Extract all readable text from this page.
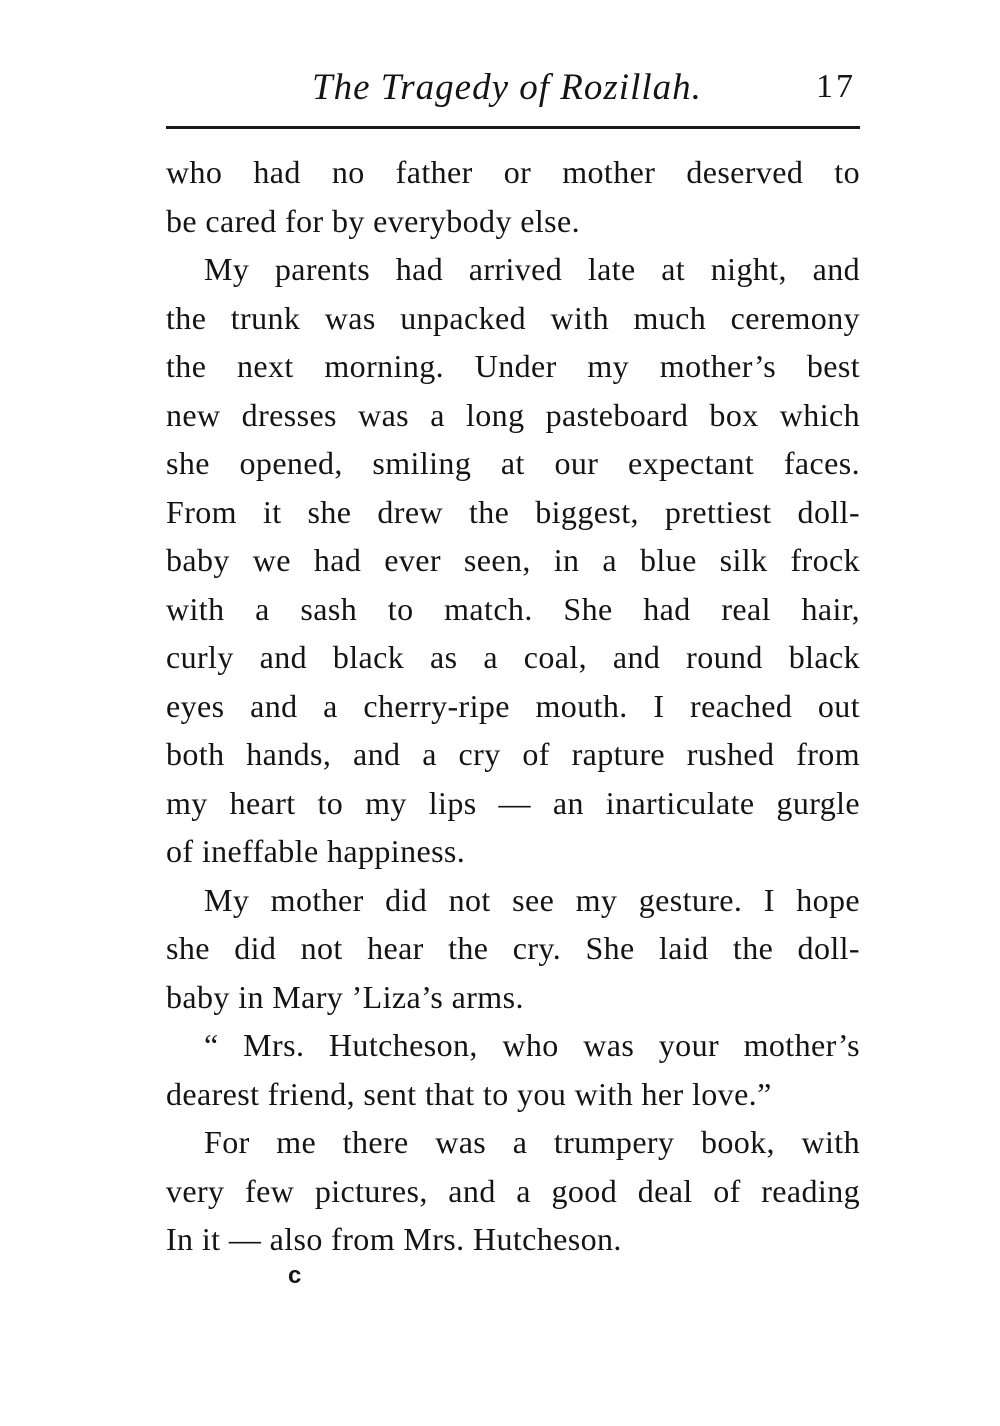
The Tragedy of Rozillah.	17
who had no father or mother deserved to
be cared for by everybody else.
My parents had arrived late at night, and
the trunk was unpacked with much ceremony
the next morning. Under my mother’s best
new dresses was a long pasteboard box which
she opened, smiling at our expectant faces.
From it she drew the biggest, prettiest doll-
baby we had ever seen, in a blue silk frock
with a sash to match. She had real hair,
curly and black as a coal, and round black
eyes and a cherry-ripe mouth. I reached out
both hands, and a cry of rapture rushed from
my heart to my lips — an inarticulate gurgle
of ineffable happiness.
My mother did not see my gesture. I hope
she did not hear the cry. She laid the doll-
baby in Mary ’Liza’s arms.
“ Mrs. Hutcheson, who was your mother’s
dearest friend, sent that to you with her love.”
For me there was a trumpery book, with
very few pictures, and a good deal of reading
In it — also from Mrs. Hutcheson.
c
